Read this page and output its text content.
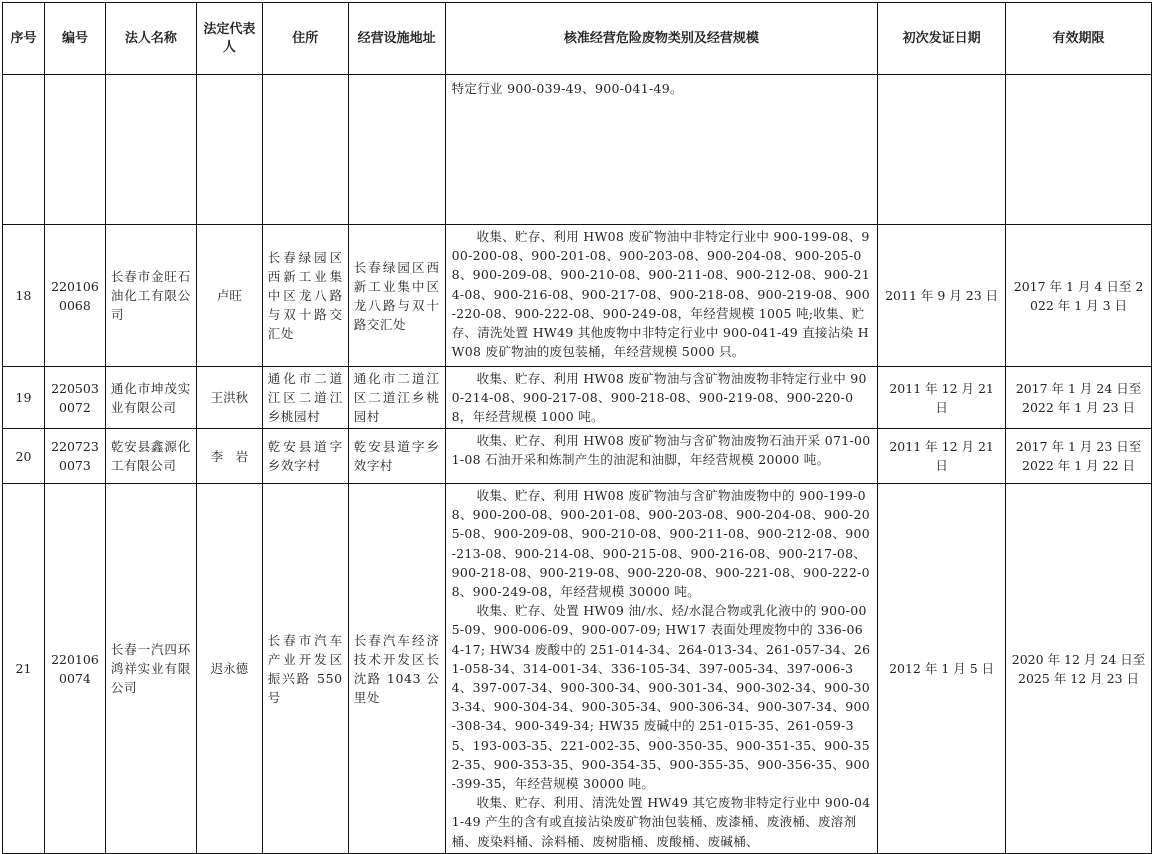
序号	编号	法人名称	法定代表人	住所	经营设施地址	核准经营危险废物类别及经营规模	初次发证日期	有效期限

						特定行业 900-039-49、900-041-49。		

18	2201060068	长春市金旺石油化工有限公司	卢旺	长春绿园区西新工业集中区龙八路与双十路交汇处	长春绿园区西新工业集中区龙八路与双十路交汇处	收集、贮存、利用 HW08 废矿物油中非特定行业中 900-199-08、900-200-08、900-201-08、900-203-08、900-204-08、900-205-08、900-209-08、900-210-08、900-211-08、900-212-08、900-214-08、900-216-08、900-217-08、900-218-08、900-219-08、900-220-08、900-222-08、900-249-08，年经营规模 1005 吨;收集、贮存、清洗处置 HW49 其他废物中非特定行业中 900-041-49 直接沾染 HW08 废矿物油的废包装桶，年经营规模 5000 只。	2011 年 9 月 23 日	2017 年 1 月 4 日至 2022 年 1 月 3 日
19	2205030072	通化市坤茂实业有限公司	王洪秋	通化市二道江区二道江乡桃园村	通化市二道江区二道江乡桃园村	收集、贮存、利用 HW08 废矿物油与含矿物油废物非特定行业中 900-214-08、900-217-08、900-218-08、900-219-08、900-220-08，年经营规模 1000 吨。	2011 年 12 月 21 日	2017 年 1 月 24 日至 2022 年 1 月 23 日
20	2207230073	乾安县鑫源化工有限公司	李　岩	乾安县道字乡效字村	乾安县道字乡效字村	收集、贮存、利用 HW08 废矿物油与含矿物油废物石油开采 071-001-08 石油开采和炼制产生的油泥和油脚，年经营规模 20000 吨。	2011 年 12 月 21 日	2017 年 1 月 23 日至 2022 年 1 月 22 日
21	2201060074	长春一汽四环鸿祥实业有限公司	迟永德	长春市汽车产业开发区振兴路 550 号	长春汽车经济技术开发区长沈路 1043 公里处	收集、贮存、利用 HW08 废矿物油与含矿物油废物中的 900-199-08、900-200-08、900-201-08、900-203-08、900-204-08、900-205-08、900-209-08、900-210-08、900-211-08、900-212-08、900-213-08、900-214-08、900-215-08、900-216-08、900-217-08、900-218-08、900-219-08、900-220-08、900-221-08、900-222-08、900-249-08，年经营规模 30000 吨。

收集、贮存、处置 HW09 油/水、烃/水混合物或乳化液中的 900-005-09、900-006-09、900-007-09; HW17 表面处理废物中的 336-064-17; HW34 废酸中的 251-014-34、264-013-34、261-057-34、261-058-34、314-001-34、336-105-34、397-005-34、397-006-34、397-007-34、900-300-34、900-301-34、900-302-34、900-303-34、900-304-34、900-305-34、900-306-34、900-307-34、900-308-34、900-349-34; HW35 废碱中的 251-015-35、261-059-35、193-003-35、221-002-35、900-350-35、900-351-35、900-352-35、900-353-35、900-354-35、900-355-35、900-356-35、900-399-35，年经营规模 30000 吨。

收集、贮存、利用、清洗处置 HW49 其它废物非特定行业中 900-041-49 产生的含有或直接沾染废矿物油包装桶、废漆桶、废液桶、废溶剂桶、废染料桶、涂料桶、废树脂桶、废酸桶、废碱桶、	2012 年 1 月 5 日	2020 年 12 月 24 日至 2025 年 12 月 23 日
